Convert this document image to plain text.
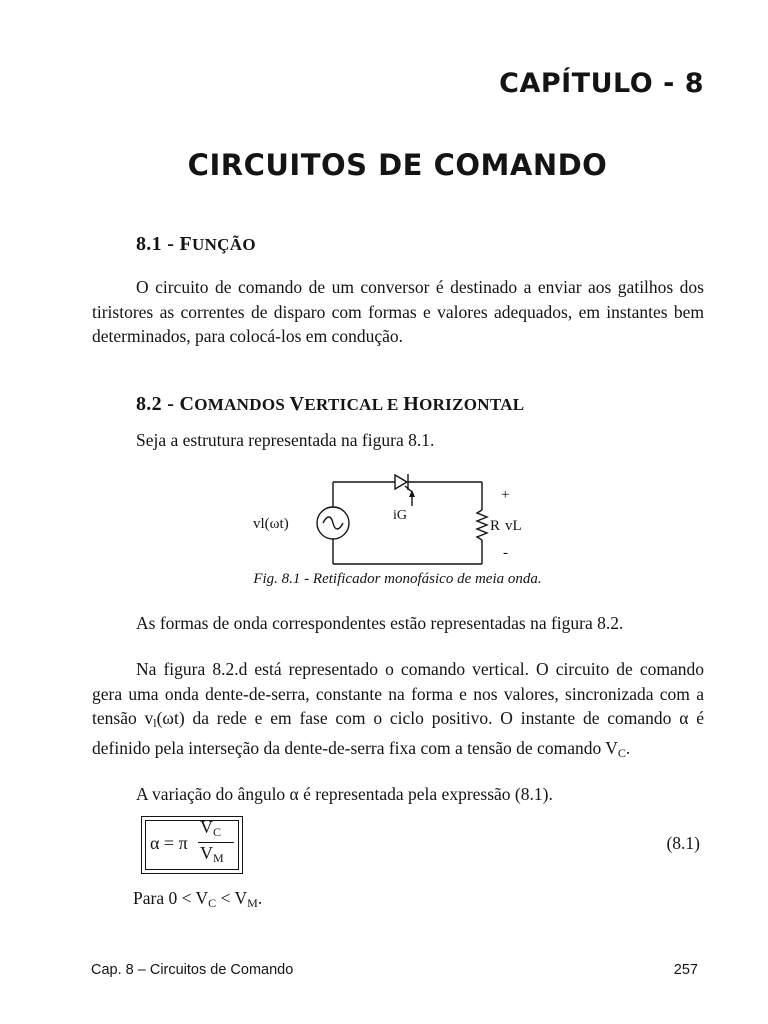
CAPÍTULO - 8
CIRCUITOS DE COMANDO
8.1 - FUNÇÃO

O circuito de comando de um conversor é destinado a enviar aos gatilhos dos tiristores as correntes de disparo com formas e valores adequados, em instantes bem determinados, para colocá-los em condução.

8.2 - COMANDOS VERTICAL E HORIZONTAL

Seja a estrutura representada na figura 8.1.

vl(ωt)
iG
R vL
+
-
Fig. 8.1 - Retificador monofásico de meia onda.

As formas de onda correspondentes estão representadas na figura 8.2.

Na figura 8.2.d está representado o comando vertical. O circuito de comando gera uma onda dente-de-serra, constante na forma e nos valores, sincronizada com a tensão $v_l(\omega t)$ da rede e em fase com o ciclo positivo. O instante de comando α é definido pela interseção da dente-de-serra fixa com a tensão de comando $V_C$.

A variação do ângulo α é representada pela expressão (8.1).

α = π
$V_C$
$V_M$
(8.1)
Para $0 < V_C < V_M$.
Cap. 8 – Circuitos de Comando	257
